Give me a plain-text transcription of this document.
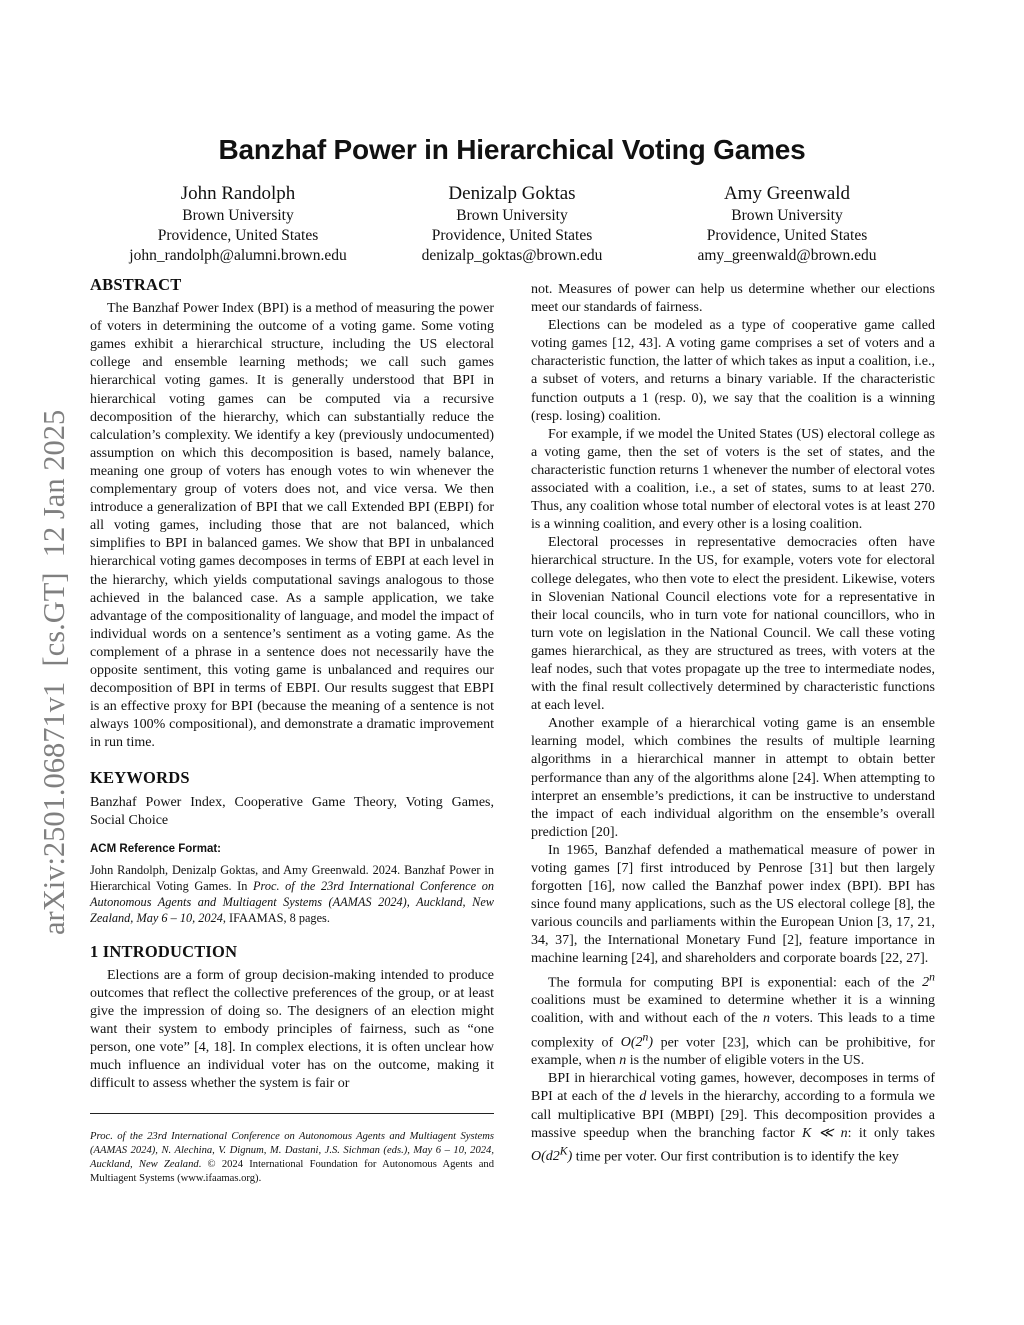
arXiv:2501.06871v1  [cs.GT]  12 Jan 2025
Banzhaf Power in Hierarchical Voting Games
John Randolph
Brown University
Providence, United States
john_randolph@alumni.brown.edu
Denizalp Goktas
Brown University
Providence, United States
denizalp_goktas@brown.edu
Amy Greenwald
Brown University
Providence, United States
amy_greenwald@brown.edu
ABSTRACT

The Banzhaf Power Index (BPI) is a method of measuring the power of voters in determining the outcome of a voting game. Some voting games exhibit a hierarchical structure, including the US electoral college and ensemble learning methods; we call such games hierarchical voting games. It is generally understood that BPI in hierarchical voting games can be computed via a recursive decomposition of the hierarchy, which can substantially reduce the calculation’s complexity. We identify a key (previously undocumented) assumption on which this decomposition is based, namely balance, meaning one group of voters has enough votes to win whenever the complementary group of voters does not, and vice versa. We then introduce a generalization of BPI that we call Extended BPI (EBPI) for all voting games, including those that are not balanced, which simplifies to BPI in balanced games. We show that BPI in unbalanced hierarchical voting games decomposes in terms of EBPI at each level in the hierarchy, which yields computational savings analogous to those achieved in the balanced case. As a sample application, we take advantage of the compositionality of language, and model the impact of individual words on a sentence’s sentiment as a voting game. As the complement of a phrase in a sentence does not necessarily have the opposite sentiment, this voting game is unbalanced and requires our decomposition of BPI in terms of EBPI. Our results suggest that EBPI is an effective proxy for BPI (because the meaning of a sentence is not always 100% compositional), and demonstrate a dramatic improvement in run time.

KEYWORDS

Banzhaf Power Index, Cooperative Game Theory, Voting Games, Social Choice

ACM Reference Format:

John Randolph, Denizalp Goktas, and Amy Greenwald. 2024. Banzhaf Power in Hierarchical Voting Games. In Proc. of the 23rd International Conference on Autonomous Agents and Multiagent Systems (AAMAS 2024), Auckland, New Zealand, May 6 – 10, 2024, IFAAMAS, 8 pages.

1 INTRODUCTION

Elections are a form of group decision-making intended to produce outcomes that reflect the collective preferences of the group, or at least give the impression of doing so. The designers of an election might want their system to embody principles of fairness, such as “one person, one vote” [4, 18]. In complex elections, it is often unclear how much influence an individual voter has on the outcome, making it difficult to assess whether the system is fair or

Proc. of the 23rd International Conference on Autonomous Agents and Multiagent Systems (AAMAS 2024), N. Alechina, V. Dignum, M. Dastani, J.S. Sichman (eds.), May 6 – 10, 2024, Auckland, New Zealand. © 2024 International Foundation for Autonomous Agents and Multiagent Systems (www.ifaamas.org).

not. Measures of power can help us determine whether our elections meet our standards of fairness.

Elections can be modeled as a type of cooperative game called voting games [12, 43]. A voting game comprises a set of voters and a characteristic function, the latter of which takes as input a coalition, i.e., a subset of voters, and returns a binary variable. If the characteristic function outputs a 1 (resp. 0), we say that the coalition is a winning (resp. losing) coalition.

For example, if we model the United States (US) electoral college as a voting game, then the set of voters is the set of states, and the characteristic function returns 1 whenever the number of electoral votes associated with a coalition, i.e., a set of states, sums to at least 270. Thus, any coalition whose total number of electoral votes is at least 270 is a winning coalition, and every other is a losing coalition.

Electoral processes in representative democracies often have hierarchical structure. In the US, for example, voters vote for electoral college delegates, who then vote to elect the president. Likewise, voters in Slovenian National Council elections vote for a representative in their local councils, who in turn vote for national councillors, who in turn vote on legislation in the National Council. We call these voting games hierarchical, as they are structured as trees, with voters at the leaf nodes, such that votes propagate up the tree to intermediate nodes, with the final result collectively determined by characteristic functions at each level.

Another example of a hierarchical voting game is an ensemble learning model, which combines the results of multiple learning algorithms in a hierarchical manner in attempt to obtain better performance than any of the algorithms alone [24]. When attempting to interpret an ensemble’s predictions, it can be instructive to understand the impact of each individual algorithm on the ensemble’s overall prediction [20].

In 1965, Banzhaf defended a mathematical measure of power in voting games [7] first introduced by Penrose [31] but then largely forgotten [16], now called the Banzhaf power index (BPI). BPI has since found many applications, such as the US electoral college [8], the various councils and parliaments within the European Union [3, 17, 21, 34, 37], the International Monetary Fund [2], feature importance in machine learning [24], and shareholders and corporate boards [22, 27].

The formula for computing BPI is exponential: each of the 2$^n$ coalitions must be examined to determine whether it is a winning coalition, with and without each of the n voters. This leads to a time complexity of O(2$^n$) per voter [23], which can be prohibitive, for example, when n is the number of eligible voters in the US.

BPI in hierarchical voting games, however, decomposes in terms of BPI at each of the d levels in the hierarchy, according to a formula we call multiplicative BPI (MBPI) [29]. This decomposition provides a massive speedup when the branching factor K ≪ n: it only takes $O(d2^K)$ time per voter. Our first contribution is to identify the key
